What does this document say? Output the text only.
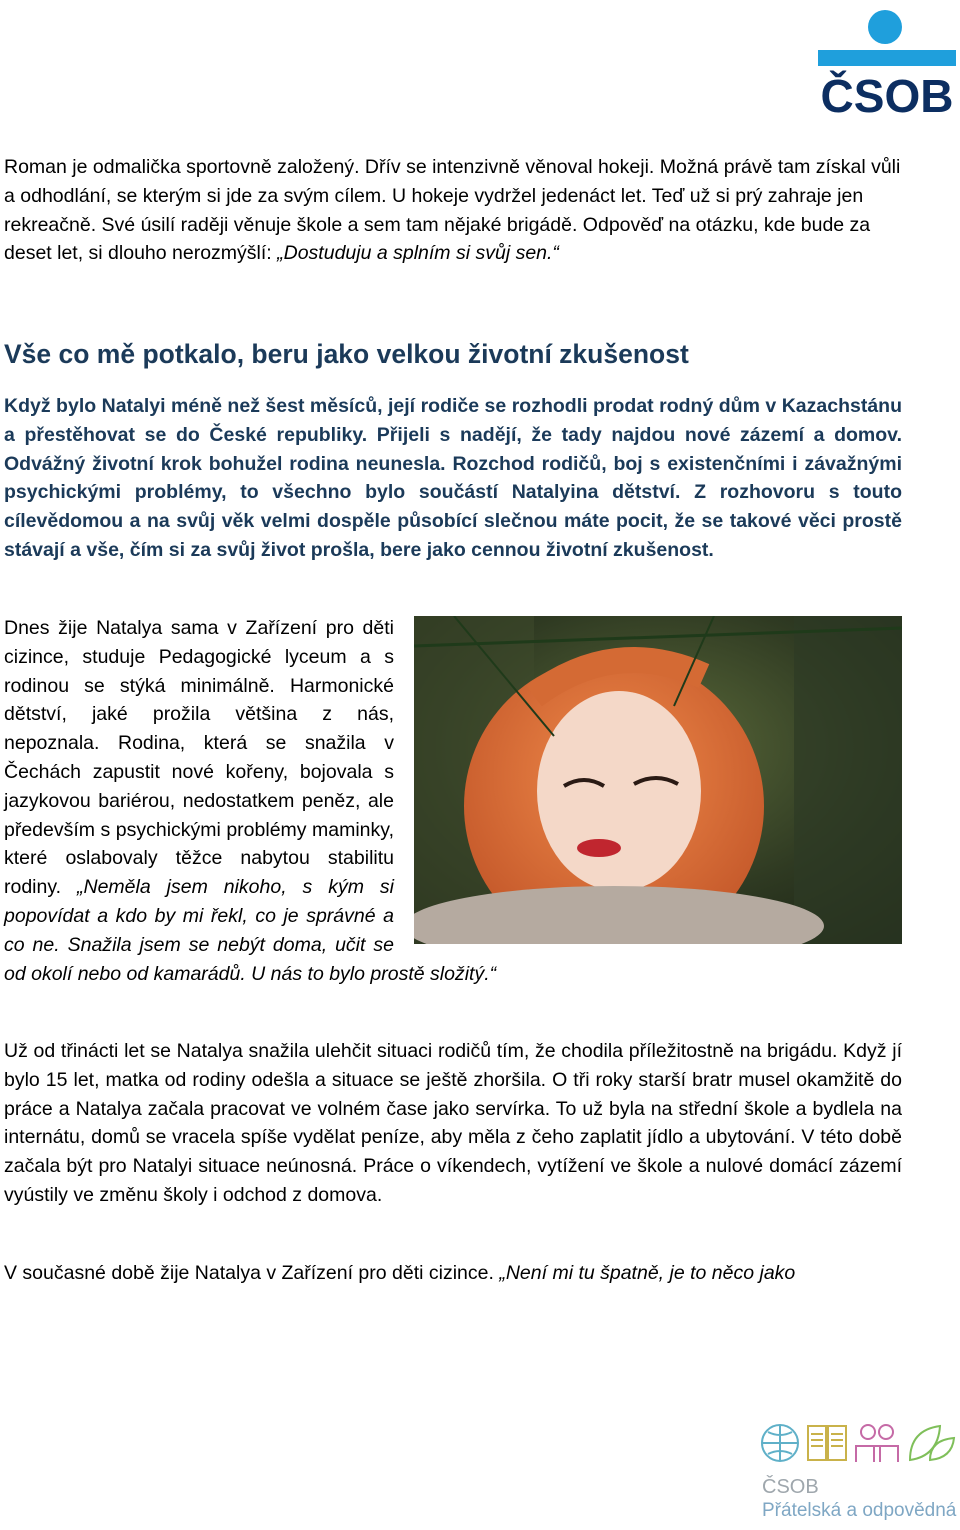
ČSOB

Roman je odmalička sportovně založený. Dřív se intenzivně věnoval hokeji. Možná právě tam získal vůli a odhodlání, se kterým si jde za svým cílem. U hokeje vydržel jedenáct let. Teď už si prý zahraje jen rekreačně. Své úsilí raději věnuje škole a sem tam nějaké brigádě. Odpověď na otázku, kde bude za deset let, si dlouho nerozmýšlí: „Dostuduju a splním si svůj sen.“

Vše co mě potkalo, beru jako velkou životní zkušenost

Když bylo Natalyi méně než šest měsíců, její rodiče se rozhodli prodat rodný dům v Kazachstánu a přestěhovat se do České republiky. Přijeli s nadějí, že tady najdou nové zázemí a domov. Odvážný životní krok bohužel rodina neunesla. Rozchod rodičů, boj s existenčními i závažnými psychickými problémy, to všechno bylo součástí Natalyina dětství. Z rozhovoru s touto cílevědomou a na svůj věk velmi dospěle působící slečnou máte pocit, že se takové věci prostě stávají a vše, čím si za svůj život prošla, bere jako cennou životní zkušenost.

Dnes žije Natalya sama v Zařízení pro děti cizince, studuje Pedagogické lyceum a s rodinou se stýká minimálně. Harmonické dětství, jaké prožila většina z nás, nepoznala. Rodina, která se snažila v Čechách zapustit nové kořeny, bojovala s jazykovou bariérou, nedostatkem peněz, ale především s psychickými problémy maminky, které oslabovaly těžce nabytou stabilitu rodiny. „Neměla jsem nikoho, s kým si popovídat a kdo by mi řekl, co je správné a co ne. Snažila jsem se nebýt doma, učit se od okolí nebo od kamarádů. U nás to bylo prostě složitý.“

Už od třinácti let se Natalya snažila ulehčit situaci rodičů tím, že chodila příležitostně na brigádu. Když jí bylo 15 let, matka od rodiny odešla a situace se ještě zhoršila. O tři roky starší bratr musel okamžitě do práce a Natalya začala pracovat ve volném čase jako servírka. To už byla na střední škole a bydlela na internátu, domů se vracela spíše vydělat peníze, aby měla z čeho zaplatit jídlo a ubytování. V této době začala být pro Natalyi situace neúnosná. Práce o víkendech, vytížení ve škole a nulové domácí zázemí vyústily ve změnu školy i odchod z domova.

V současné době žije Natalya v Zařízení pro děti cizince. „Není mi tu špatně, je to něco jako

ČSOB
Přátelská a odpovědná
